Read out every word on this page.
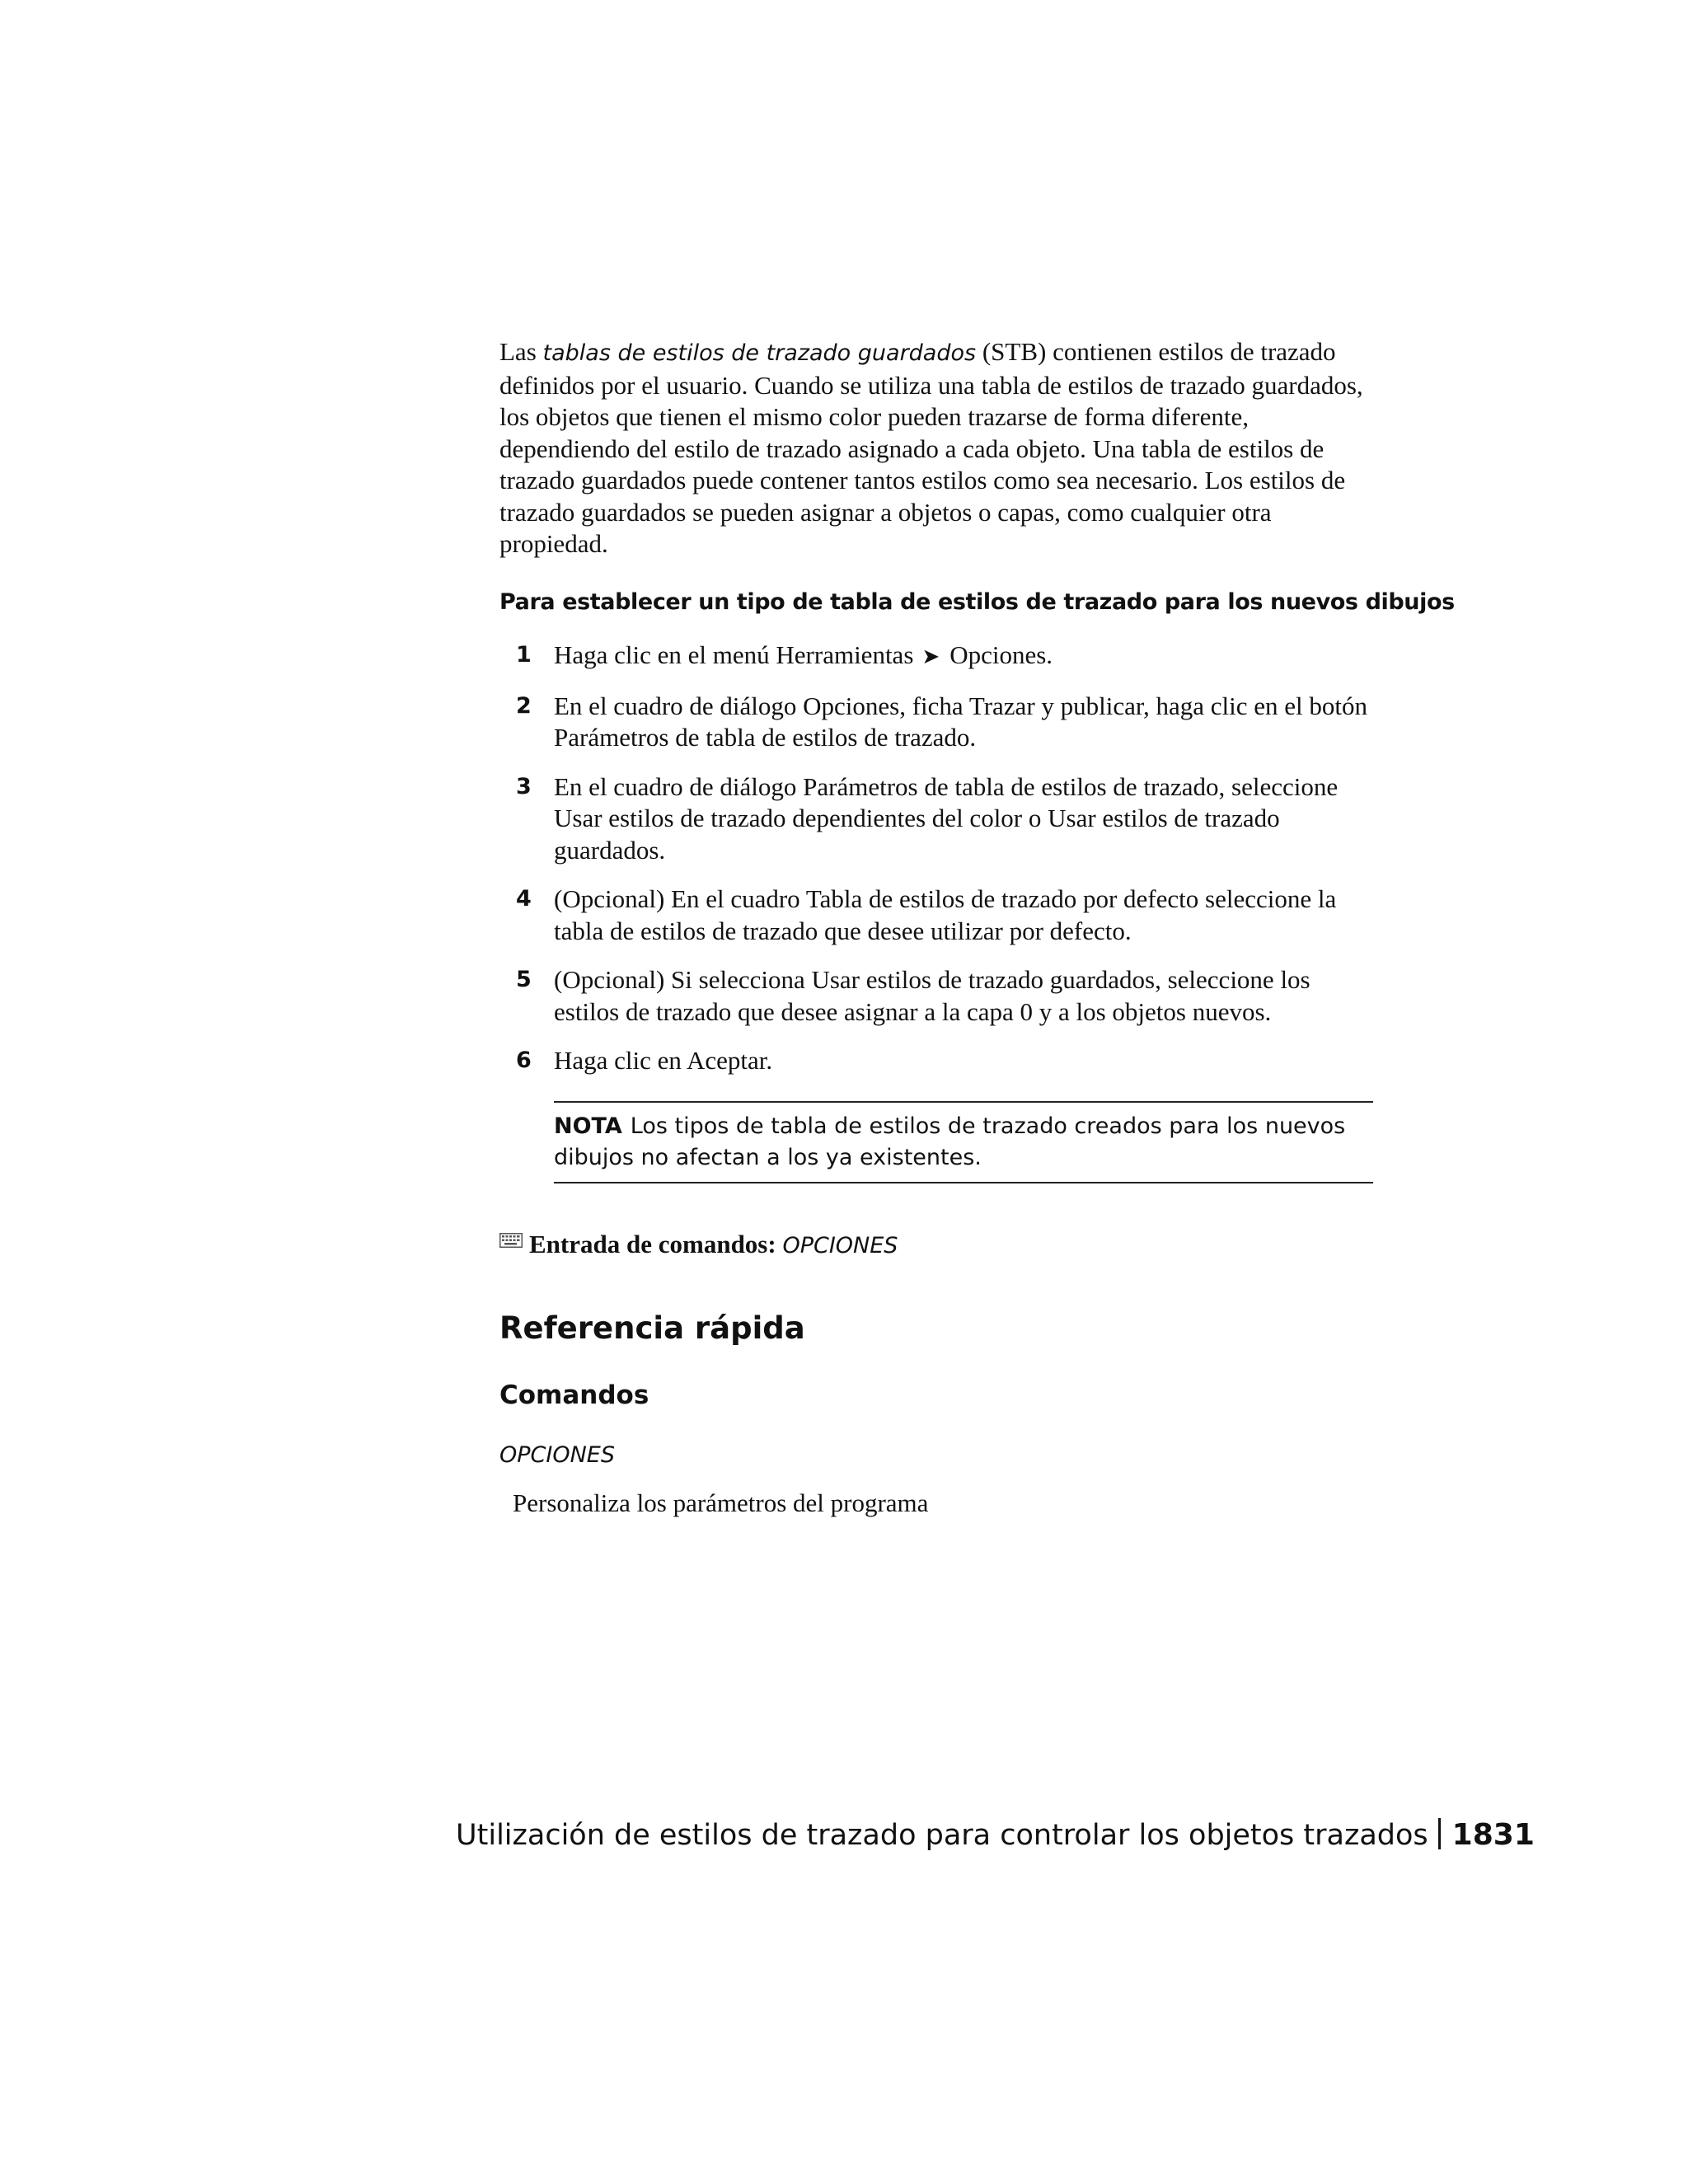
Las tablas de estilos de trazado guardados (STB) contienen estilos de trazado definidos por el usuario. Cuando se utiliza una tabla de estilos de trazado guardados, los objetos que tienen el mismo color pueden trazarse de forma diferente, dependiendo del estilo de trazado asignado a cada objeto. Una tabla de estilos de trazado guardados puede contener tantos estilos como sea necesario. Los estilos de trazado guardados se pueden asignar a objetos o capas, como cualquier otra propiedad.

Para establecer un tipo de tabla de estilos de trazado para los nuevos dibujos
1 Haga clic en el menú Herramientas ➤ Opciones.
2 En el cuadro de diálogo Opciones, ficha Trazar y publicar, haga clic en el botón Parámetros de tabla de estilos de trazado.
3 En el cuadro de diálogo Parámetros de tabla de estilos de trazado, seleccione Usar estilos de trazado dependientes del color o Usar estilos de trazado guardados.
4 (Opcional) En el cuadro Tabla de estilos de trazado por defecto seleccione la tabla de estilos de trazado que desee utilizar por defecto.
5 (Opcional) Si selecciona Usar estilos de trazado guardados, seleccione los estilos de trazado que desee asignar a la capa 0 y a los objetos nuevos.
6 Haga clic en Aceptar.
NOTA Los tipos de tabla de estilos de trazado creados para los nuevos dibujos no afectan a los ya existentes.
Entrada de comandos: OPCIONES
Referencia rápida
Comandos
OPCIONES
Personaliza los parámetros del programa
Utilización de estilos de trazado para controlar los objetos trazados 1831
